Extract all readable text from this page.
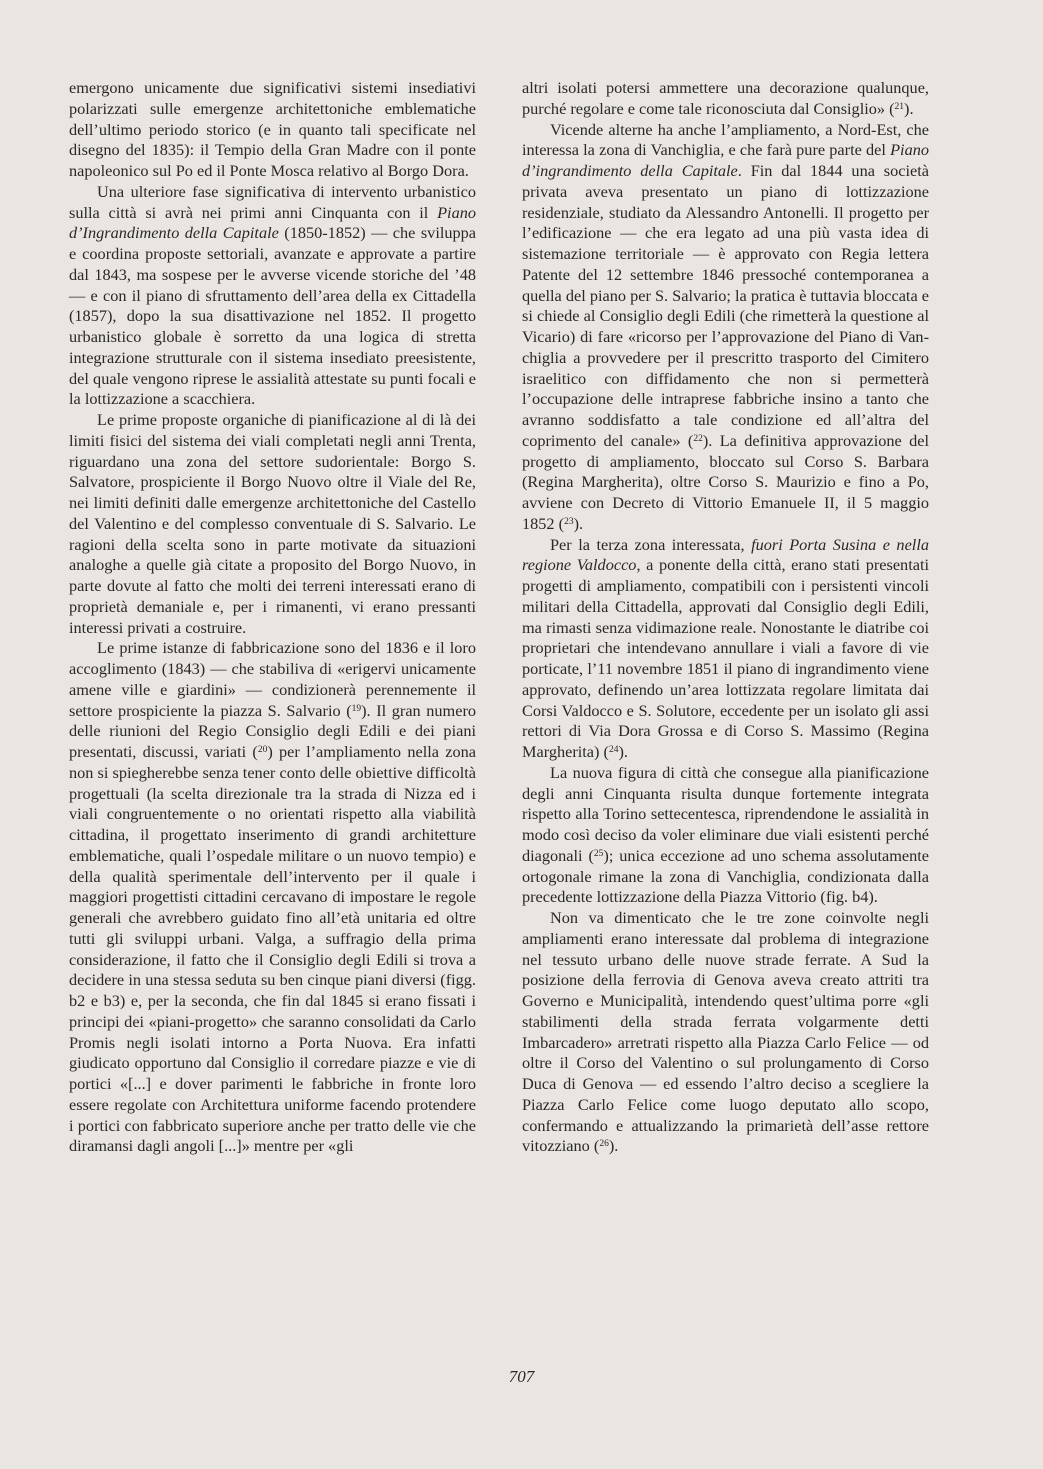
emergono unicamente due significativi sistemi insediativi polarizzati sulle emergenze architettoniche emblematiche dell’ultimo periodo storico (e in quanto tali specificate nel disegno del 1835): il Tempio della Gran Madre con il ponte napoleonico sul Po ed il Ponte Mosca relativo al Borgo Dora.

Una ulteriore fase significativa di intervento urbanistico sulla città si avrà nei primi anni Cinquanta con il Piano d’Ingrandimento della Capitale (1850-1852) — che sviluppa e coordina proposte settoriali, avanzate e approvate a partire dal 1843, ma sospese per le avverse vicende storiche del ’48 — e con il piano di sfruttamento dell’area della ex Cittadella (1857), dopo la sua disattivazione nel 1852. Il progetto urbanistico globale è sorretto da una logica di stretta integrazione strutturale con il sistema insediato preesistente, del quale vengono riprese le assialità attestate su punti focali e la lottizzazione a scacchiera.

Le prime proposte organiche di pianificazione al di là dei limiti fisici del sistema dei viali completati negli anni Trenta, riguardano una zona del settore sudorientale: Borgo S. Salvatore, prospiciente il Borgo Nuovo oltre il Viale del Re, nei limiti definiti dalle emergenze architettoniche del Castello del Valentino e del complesso conventuale di S. Salvario. Le ragioni della scelta sono in parte motivate da situazioni analoghe a quelle già citate a proposito del Borgo Nuovo, in parte dovute al fatto che molti dei terreni interessati erano di proprietà demaniale e, per i rimanenti, vi erano pressanti interessi privati a costruire.

Le prime istanze di fabbricazione sono del 1836 e il loro accoglimento (1843) — che stabiliva di «erigervi unicamente amene ville e giardini» — condizionerà perennemente il settore prospiciente la piazza S. Salvario ($^{19}$). Il gran numero delle riunioni del Regio Consiglio degli Edili e dei piani presentati, discussi, variati ($^{20}$) per l’ampliamento nella zona non si spiegherebbe senza tener conto delle obiettive difficoltà progettuali (la scelta direzionale tra la strada di Nizza ed i viali congruentemente o no orientati rispetto alla viabilità cittadina, il progettato inserimento di grandi architetture emblematiche, quali l’ospedale militare o un nuovo tempio) e della qualità sperimentale dell’intervento per il quale i maggiori progettisti cittadini cercavano di impostare le regole generali che avrebbero guidato fino all’età unitaria ed oltre tutti gli sviluppi urbani. Valga, a suffragio della prima considerazione, il fatto che il Consiglio degli Edili si trova a decidere in una stessa seduta su ben cinque piani diversi (figg. b2 e b3) e, per la seconda, che fin dal 1845 si erano fissati i principi dei «piani-progetto» che saranno consolidati da Carlo Promis negli isolati intorno a Porta Nuova. Era infatti giudicato opportuno dal Consiglio il corredare piazze e vie di portici «[...] e dover parimenti le fabbriche in fronte loro essere regolate con Architettura uniforme facendo protendere i portici con fabbricato superiore anche per tratto delle vie che diramansi dagli angoli [...]» mentre per «gli

altri isolati potersi ammettere una decorazione qualunque, purché regolare e come tale riconosciuta dal Consiglio» ($^{21}$).

Vicende alterne ha anche l’ampliamento, a Nord-Est, che interessa la zona di Vanchiglia, e che farà pure parte del Piano d’ingrandimento della Capitale. Fin dal 1844 una società privata aveva presentato un piano di lottizzazione residenziale, studiato da Alessandro Antonelli. Il progetto per l’edificazione — che era legato ad una più vasta idea di sistemazione territoriale — è approvato con Regia lettera Patente del 12 settembre 1846 pressoché contemporanea a quella del piano per S. Salvario; la pratica è tuttavia bloccata e si chiede al Consiglio degli Edili (che rimetterà la questione al Vicario) di fare «ricorso per l’approvazione del Piano di Vanchiglia a provvedere per il prescritto trasporto del Cimitero israelitico con diffidamento che non si permetterà l’occupazione delle intraprese fabbriche insino a tanto che avranno soddisfatto a tale condizione ed all’altra del coprimento del canale» ($^{22}$). La definitiva approvazione del progetto di ampliamento, bloccato sul Corso S. Barbara (Regina Margherita), oltre Corso S. Maurizio e fino a Po, avviene con Decreto di Vittorio Emanuele II, il 5 maggio 1852 ($^{23}$).

Per la terza zona interessata, fuori Porta Susina e nella regione Valdocco, a ponente della città, erano stati presentati progetti di ampliamento, compatibili con i persistenti vincoli militari della Cittadella, approvati dal Consiglio degli Edili, ma rimasti senza vidimazione reale. Nonostante le diatribe coi proprietari che intendevano annullare i viali a favore di vie porticate, l’11 novembre 1851 il piano di ingrandimento viene approvato, definendo un’area lottizzata regolare limitata dai Corsi Valdocco e S. Solutore, eccedente per un isolato gli assi rettori di Via Dora Grossa e di Corso S. Massimo (Regina Margherita) ($^{24}$).

La nuova figura di città che consegue alla pianificazione degli anni Cinquanta risulta dunque fortemente integrata rispetto alla Torino settecentesca, riprendendone le assialità in modo così deciso da voler eliminare due viali esistenti perché diagonali ($^{25}$); unica eccezione ad uno schema assolutamente ortogonale rimane la zona di Vanchiglia, condizionata dalla precedente lottizzazione della Piazza Vittorio (fig. b4).

Non va dimenticato che le tre zone coinvolte negli ampliamenti erano interessate dal problema di integrazione nel tessuto urbano delle nuove strade ferrate. A Sud la posizione della ferrovia di Genova aveva creato attriti tra Governo e Municipalità, intendendo quest’ultima porre «gli stabilimenti della strada ferrata volgarmente detti Imbarcadero» arretrati rispetto alla Piazza Carlo Felice — od oltre il Corso del Valentino o sul prolungamento di Corso Duca di Genova — ed essendo l’altro deciso a scegliere la Piazza Carlo Felice come luogo deputato allo scopo, confermando e attualizzando la primarietà dell’asse rettore vitozziano ($^{26}$).

707
